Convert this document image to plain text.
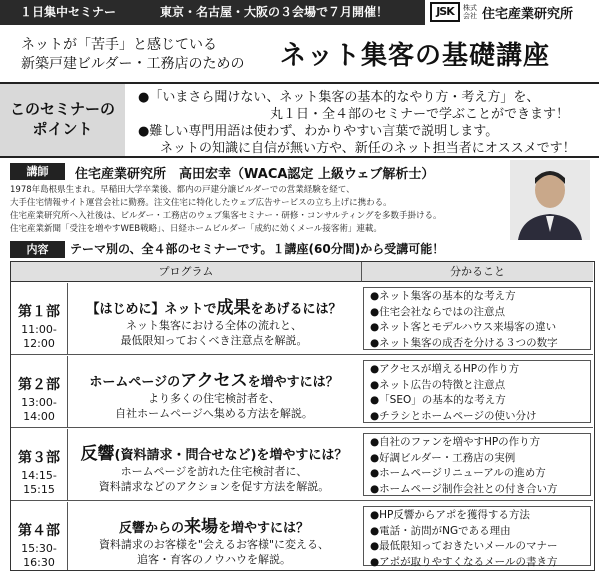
１日集中セミナー	東京・名古屋・大阪の３会場で７月開催！	JSK	株式会社 住宅産業研究所
ネットが「苦手」と感じている
新築戸建ビルダー・工務店のための ネット集客の基礎講座
このセミナーの
ポイント
●「いまさら聞けない、ネット集客の基本的なやり方・考え方」を、
丸１日・全４部のセミナーで学ぶことができます！
●難しい専門用語は使わず、わかりやすい言葉で説明します。
ネットの知識に自信が無い方や、新任のネット担当者にオススメです！
講師	住宅産業研究所　高田宏幸（WACA認定 上級ウェブ解析士）
1978年島根県生まれ。早稲田大学卒業後、都内の戸建分譲ビルダーでの営業経験を経て、
大手住宅情報サイト運営会社に勤務。注文住宅に特化したウェブ広告サービスの立ち上げに携わる。
住宅産業研究所へ入社後は、ビルダー・工務店のウェブ集客セミナー・研修・コンサルティングを多数手掛ける。
住宅産業新聞「受注を増やすWEB戦略」、日経ホームビルダー「成約に効くメール接客術」連載。
内容	テーマ別の、全４部のセミナーです。１講座(60分間)から受講可能！
プログラム	分かること
第１部
11:00-
12:00
【はじめに】ネットで成果をあげるには？
ネット集客における全体の流れと、
最低限知っておくべき注意点を解説。
●ネット集客の基本的な考え方
●住宅会社ならではの注意点
●ネット客とモデルハウス来場客の違い
●ネット集客の成否を分ける３つの数字
第２部
13:00-
14:00
ホームページのアクセスを増やすには？
より多くの住宅検討者を、
自社ホームページへ集める方法を解説。
●アクセスが増えるHPの作り方
●ネット広告の特徴と注意点
●「SEO」の基本的な考え方
●チラシとホームページの使い分け
第３部
14:15-
15:15
反響(資料請求・問合せなど)を増やすには？
ホームページを訪れた住宅検討者に、
資料請求などのアクションを促す方法を解説。
●自社のファンを増やすHPの作り方
●好調ビルダー・工務店の実例
●ホームページリニューアルの進め方
●ホームページ制作会社との付き合い方
第４部
15:30-
16:30
反響からの来場を増やすには？
資料請求のお客様を"会えるお客様"に変える、
追客・育客のノウハウを解説。
●HP反響からアポを獲得する方法
●電話・訪問がNGである理由
●最低限知っておきたいメールのマナー
●アポが取りやすくなるメールの書き方
